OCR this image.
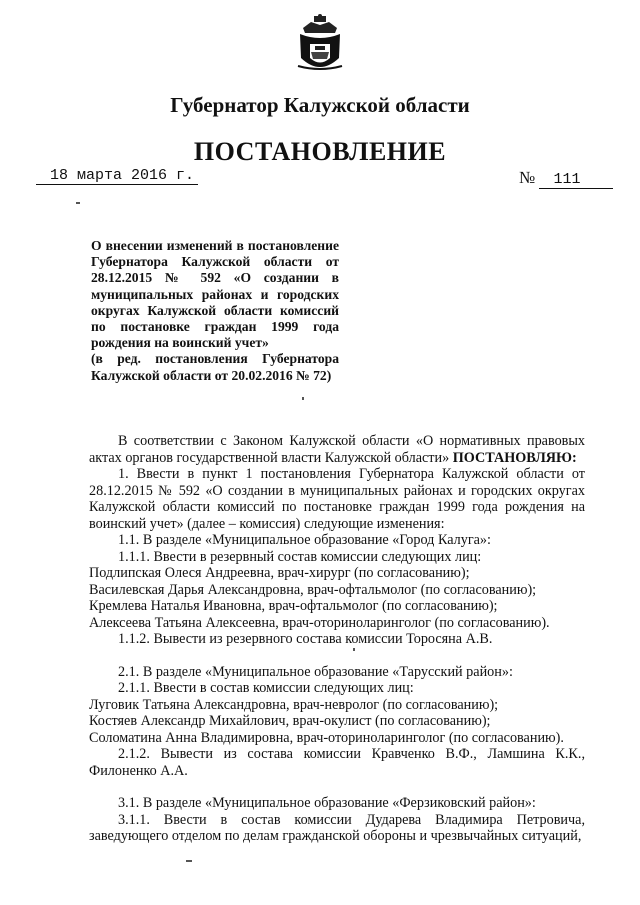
Губернатор Калужской области
ПОСТАНОВЛЕНИЕ
18 марта 2016 г.	№ 111

О внесении изменений в постановление Губернатора Калужской области от 28.12.2015 № 592 «О создании в муниципальных районах и городских округах Калужской области комиссий по постановке граждан 1999 года рождения на воинский учет»

(в ред. постановления Губернатора Калужской области от 20.02.2016 № 72)

В соответствии с Законом Калужской области «О нормативных правовых актах органов государственной власти Калужской области» ПОСТАНОВЛЯЮ:

1. Ввести в пункт 1 постановления Губернатора Калужской области от 28.12.2015 № 592 «О создании в муниципальных районах и городских округах Калужской области комиссий по постановке граждан 1999 года рождения на воинский учет» (далее – комиссия) следующие изменения:

1.1. В разделе «Муниципальное образование «Город Калуга»:

1.1.1. Ввести в резервный состав комиссии следующих лиц:

Подлипская Олеся Андреевна, врач-хирург (по согласованию);

Василевская Дарья Александровна, врач-офтальмолог (по согласованию);

Кремлева Наталья Ивановна, врач-офтальмолог (по согласованию);

Алексеева Татьяна Алексеевна, врач-оториноларинголог (по согласованию).

1.1.2. Вывести из резервного состава комиссии Торосяна А.В.

2.1. В разделе «Муниципальное образование «Тарусский район»:

2.1.1. Ввести в состав комиссии следующих лиц:

Луговик Татьяна Александровна, врач-невролог (по согласованию);

Костяев Александр Михайлович, врач-окулист (по согласованию);

Соломатина Анна Владимировна, врач-оториноларинголог (по согласованию).

2.1.2. Вывести из состава комиссии Кравченко В.Ф., Ламшина К.К., Филоненко А.А.

3.1. В разделе «Муниципальное образование «Ферзиковский район»:

3.1.1. Ввести в состав комиссии Дударева Владимира Петровича, заведующего отделом по делам гражданской обороны и чрезвычайных ситуаций,
